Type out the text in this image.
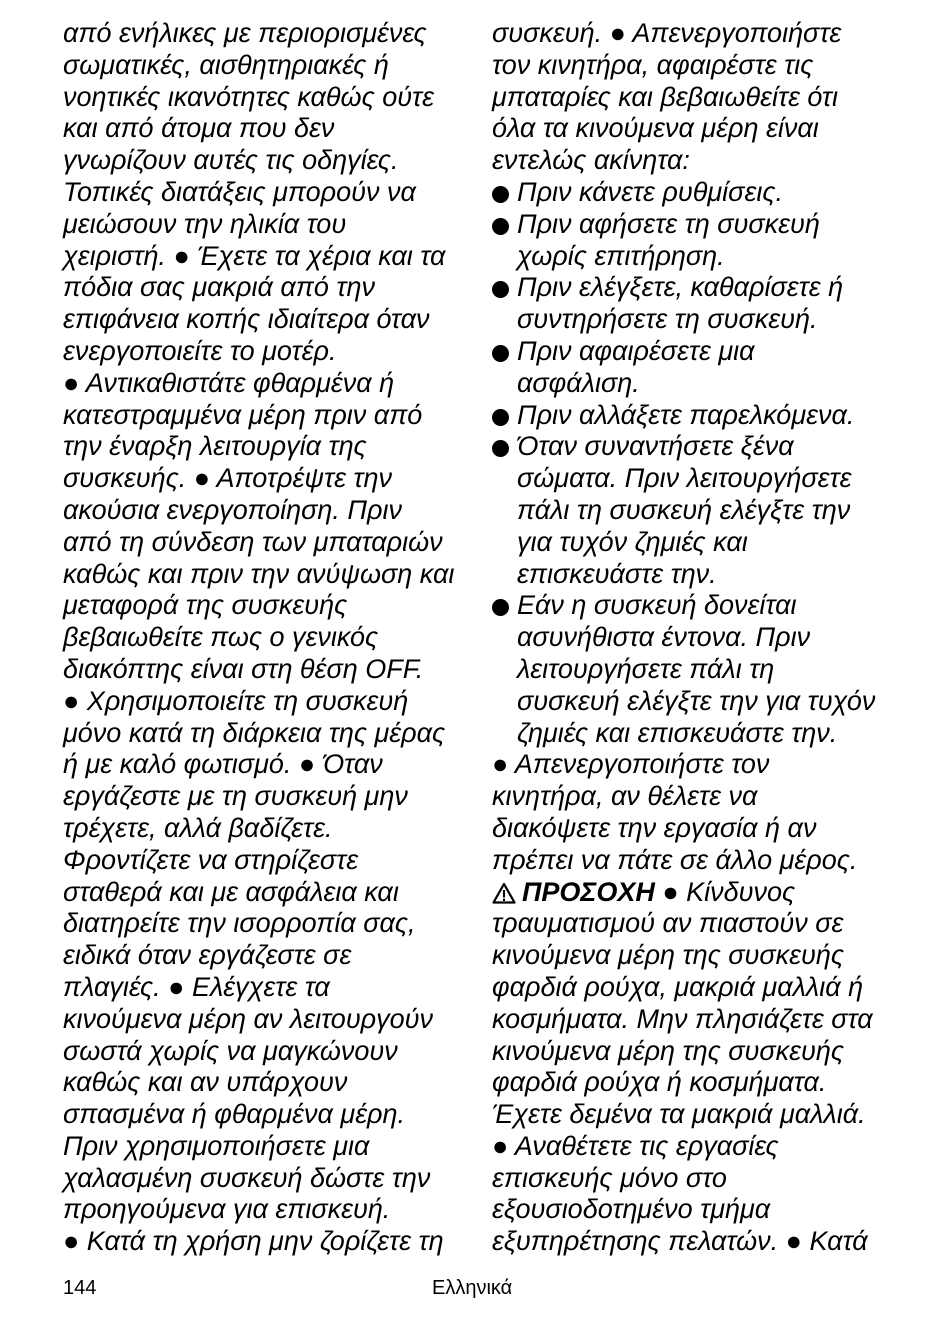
από ενήλικες με περιορισμένες
σωματικές, αισθητηριακές ή
νοητικές ικανότητες καθώς ούτε
και από άτομα που δεν
γνωρίζουν αυτές τις οδηγίες.
Τοπικές διατάξεις μπορούν να
μειώσουν την ηλικία του
χειριστή. ● Έχετε τα χέρια και τα
πόδια σας μακριά από την
επιφάνεια κοπής ιδιαίτερα όταν
ενεργοποιείτε το μοτέρ.
● Αντικαθιστάτε φθαρμένα ή
κατεστραμμένα μέρη πριν από
την έναρξη λειτουργία της
συσκευής. ● Αποτρέψτε την
ακούσια ενεργοποίηση. Πριν
από τη σύνδεση των μπαταριών
καθώς και πριν την ανύψωση και
μεταφορά της συσκευής
βεβαιωθείτε πως ο γενικός
διακόπτης είναι στη θέση OFF.
● Χρησιμοποιείτε τη συσκευή
μόνο κατά τη διάρκεια της μέρας
ή με καλό φωτισμό. ● Όταν
εργάζεστε με τη συσκευή μην
τρέχετε, αλλά βαδίζετε.
Φροντίζετε να στηρίζεστε
σταθερά και με ασφάλεια και
διατηρείτε την ισορροπία σας,
ειδικά όταν εργάζεστε σε
πλαγιές. ● Ελέγχετε τα
κινούμενα μέρη αν λειτουργούν
σωστά χωρίς να μαγκώνουν
καθώς και αν υπάρχουν
σπασμένα ή φθαρμένα μέρη.
Πριν χρησιμοποιήσετε μια
χαλασμένη συσκευή δώστε την
προηγούμενα για επισκευή.
● Κατά τη χρήση μην ζορίζετε τη
συσκευή. ● Απενεργοποιήστε
τον κινητήρα, αφαιρέστε τις
μπαταρίες και βεβαιωθείτε ότι
όλα τα κινούμενα μέρη είναι
εντελώς ακίνητα:
Πριν κάνετε ρυθμίσεις.
Πριν αφήσετε τη συσκευή
χωρίς επιτήρηση.
Πριν ελέγξετε, καθαρίσετε ή
συντηρήσετε τη συσκευή.
Πριν αφαιρέσετε μια
ασφάλιση.
Πριν αλλάξετε παρελκόμενα.
Όταν συναντήσετε ξένα
σώματα. Πριν λειτουργήσετε
πάλι τη συσκευή ελέγξτε την
για τυχόν ζημιές και
επισκευάστε την.
Εάν η συσκευή δονείται
ασυνήθιστα έντονα. Πριν
λειτουργήσετε πάλι τη
συσκευή ελέγξτε την για τυχόν
ζημιές και επισκευάστε την.
● Απενεργοποιήστε τον
κινητήρα, αν θέλετε να
διακόψετε την εργασία ή αν
πρέπει να πάτε σε άλλο μέρος.
ΠΡΟΣΟΧΗ ● Κίνδυνος
τραυματισμού αν πιαστούν σε
κινούμενα μέρη της συσκευής
φαρδιά ρούχα, μακριά μαλλιά ή
κοσμήματα. Μην πλησιάζετε στα
κινούμενα μέρη της συσκευής
φαρδιά ρούχα ή κοσμήματα.
Έχετε δεμένα τα μακριά μαλλιά.
● Αναθέτετε τις εργασίες
επισκευής μόνο στο
εξουσιοδοτημένο τμήμα
εξυπηρέτησης πελατών. ● Κατά
144	Ελληνικά
